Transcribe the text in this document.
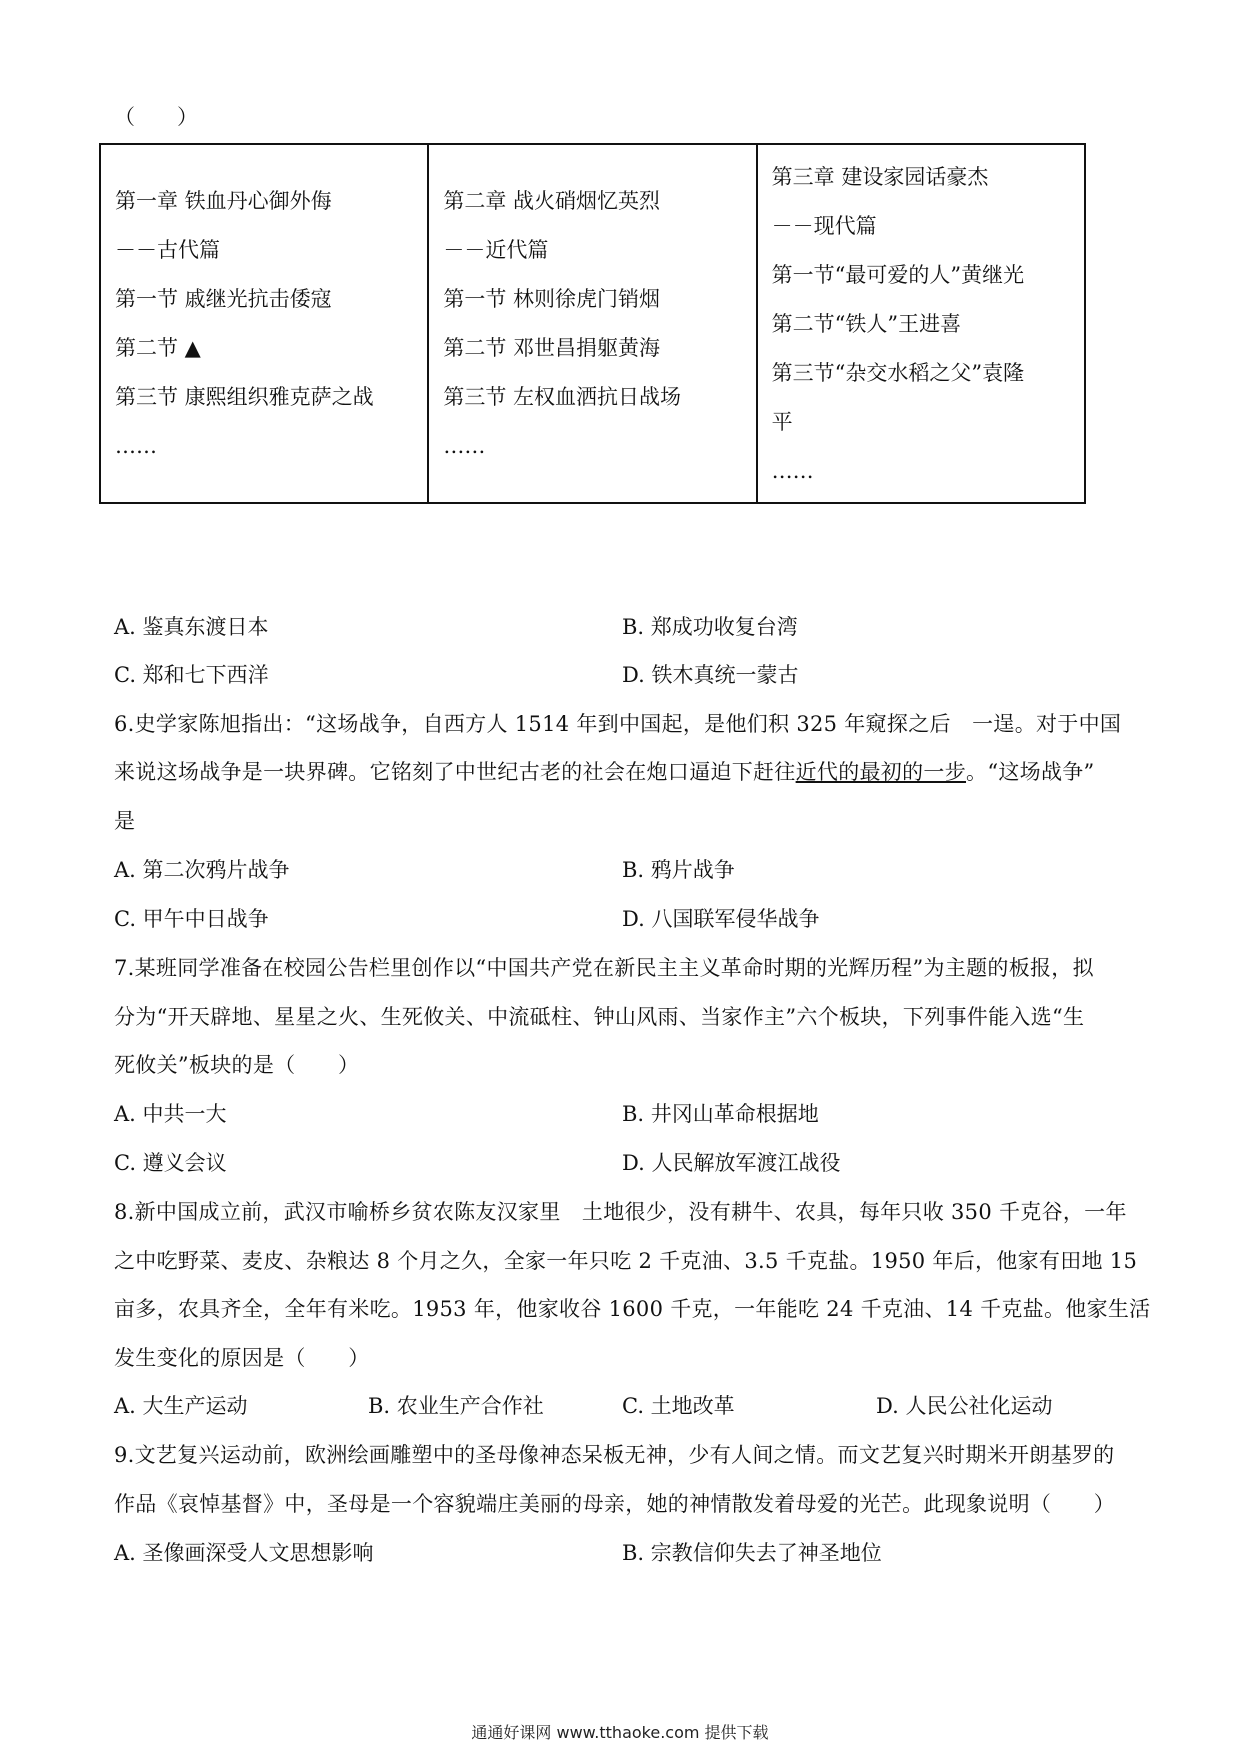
（　　）
第一章 铁血丹心御外侮
－－古代篇
第一节 戚继光抗击倭寇
第二节 ▲
第三节 康熙组织雅克萨之战
……

第二章 战火硝烟忆英烈
－－近代篇
第一节 林则徐虎门销烟
第二节 邓世昌捐躯黄海
第三节 左权血洒抗日战场
……

第三章 建设家园话豪杰
－－现代篇
第一节“最可爱的人”黄继光
第二节“铁人”王进喜
第三节“杂交水稻之父”袁隆
平
……
A. 鉴真东渡日本	B. 郑成功收复台湾
C. 郑和七下西洋	D. 铁木真统一蒙古
6.史学家陈旭指出：“这场战争，自西方人 1514 年到中国起，是他们积 325 年窥探之后　一逞。对于中国
来说这场战争是一块界碑。它铭刻了中世纪古老的社会在炮口逼迫下赶往近代的最初的一步。“这场战争”
是
A. 第二次鸦片战争	B. 鸦片战争
C. 甲午中日战争	D. 八国联军侵华战争
7.某班同学准备在校园公告栏里创作以“中国共产党在新民主主义革命时期的光辉历程”为主题的板报，拟
分为“开天辟地、星星之火、生死攸关、中流砥柱、钟山风雨、当家作主”六个板块，下列事件能入选“生
死攸关”板块的是（　　）
A. 中共一大	B. 井冈山革命根据地
C. 遵义会议	D. 人民解放军渡江战役
8.新中国成立前，武汉市喻桥乡贫农陈友汉家里　土地很少，没有耕牛、农具，每年只收 350 千克谷，一年
之中吃野菜、麦皮、杂粮达 8 个月之久，全家一年只吃 2 千克油、3.5 千克盐。1950 年后，他家有田地 15
亩多，农具齐全，全年有米吃。1953 年，他家收谷 1600 千克，一年能吃 24 千克油、14 千克盐。他家生活
发生变化的原因是（　　）
A. 大生产运动	B. 农业生产合作社	C. 土地改革	D. 人民公社化运动
9.文艺复兴运动前，欧洲绘画雕塑中的圣母像神态呆板无神，少有人间之情。而文艺复兴时期米开朗基罗的
作品《哀悼基督》中，圣母是一个容貌端庄美丽的母亲，她的神情散发着母爱的光芒。此现象说明（　　）
A. 圣像画深受人文思想影响	B. 宗教信仰失去了神圣地位
通通好课网 www.tthaoke.com 提供下载
